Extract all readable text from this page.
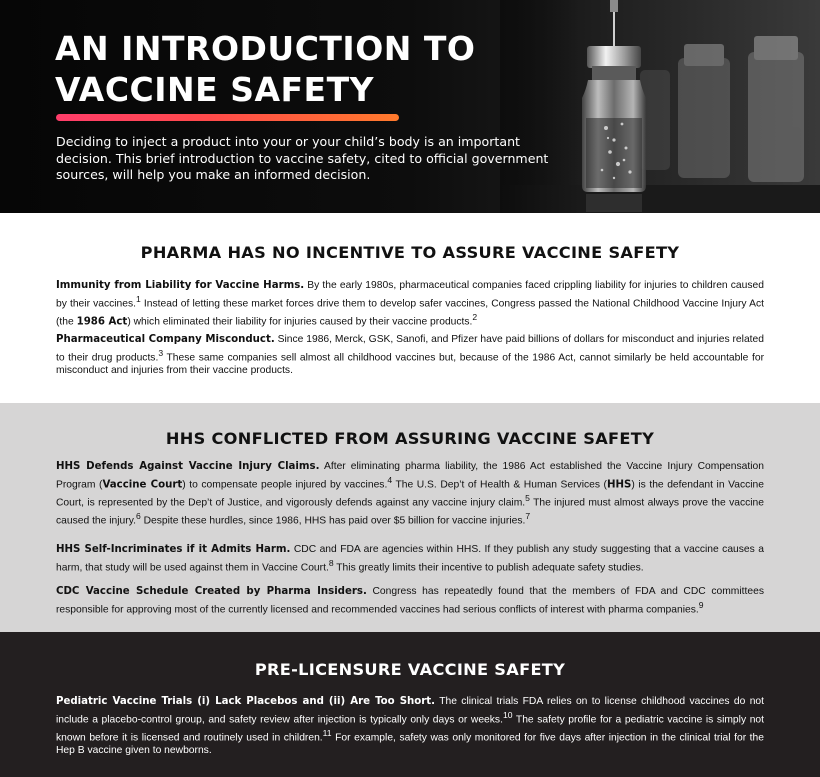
AN INTRODUCTION TO
VACCINE SAFETY

Deciding to inject a product into your or your child’s body is an important decision. This brief introduction to vaccine safety, cited to official government sources, will help you make an informed decision.

PHARMA HAS NO INCENTIVE TO ASSURE VACCINE SAFETY

Immunity from Liability for Vaccine Harms. By the early 1980s, pharmaceutical companies faced crippling liability for injuries to children caused by their vaccines.$^1$ Instead of letting these market forces drive them to develop safer vaccines, Congress passed the National Childhood Vaccine Injury Act (the 1986 Act) which eliminated their liability for injuries caused by their vaccine products.$^2$

Pharmaceutical Company Misconduct. Since 1986, Merck, GSK, Sanofi, and Pfizer have paid billions of dollars for misconduct and injuries related to their drug products.$^3$ These same companies sell almost all childhood vaccines but, because of the 1986 Act, cannot similarly be held accountable for misconduct and injuries from their vaccine products.

HHS CONFLICTED FROM ASSURING VACCINE SAFETY

HHS Defends Against Vaccine Injury Claims. After eliminating pharma liability, the 1986 Act established the Vaccine Injury Compensation Program (Vaccine Court) to compensate people injured by vaccines.$^4$ The U.S. Dep’t of Health & Human Services (HHS) is the defendant in Vaccine Court, is represented by the Dep’t of Justice, and vigorously defends against any vaccine injury claim.$^5$ The injured must almost always prove the vaccine caused the injury.$^6$ Despite these hurdles, since 1986, HHS has paid over $5 billion for vaccine injuries.$^7$

HHS Self-Incriminates if it Admits Harm. CDC and FDA are agencies within HHS. If they publish any study suggesting that a vaccine causes a harm, that study will be used against them in Vaccine Court.$^8$ This greatly limits their incentive to publish adequate safety studies.

CDC Vaccine Schedule Created by Pharma Insiders. Congress has repeatedly found that the members of FDA and CDC committees responsible for approving most of the currently licensed and recommended vaccines had serious conflicts of interest with pharma companies.$^9$

PRE-LICENSURE VACCINE SAFETY

Pediatric Vaccine Trials (i) Lack Placebos and (ii) Are Too Short. The clinical trials FDA relies on to license childhood vaccines do not include a placebo-control group, and safety review after injection is typically only days or weeks.$^{10}$ The safety profile for a pediatric vaccine is simply not known before it is licensed and routinely used in children.$^{11}$ For example, safety was only monitored for five days after injection in the clinical trial for the Hep B vaccine given to newborns.
